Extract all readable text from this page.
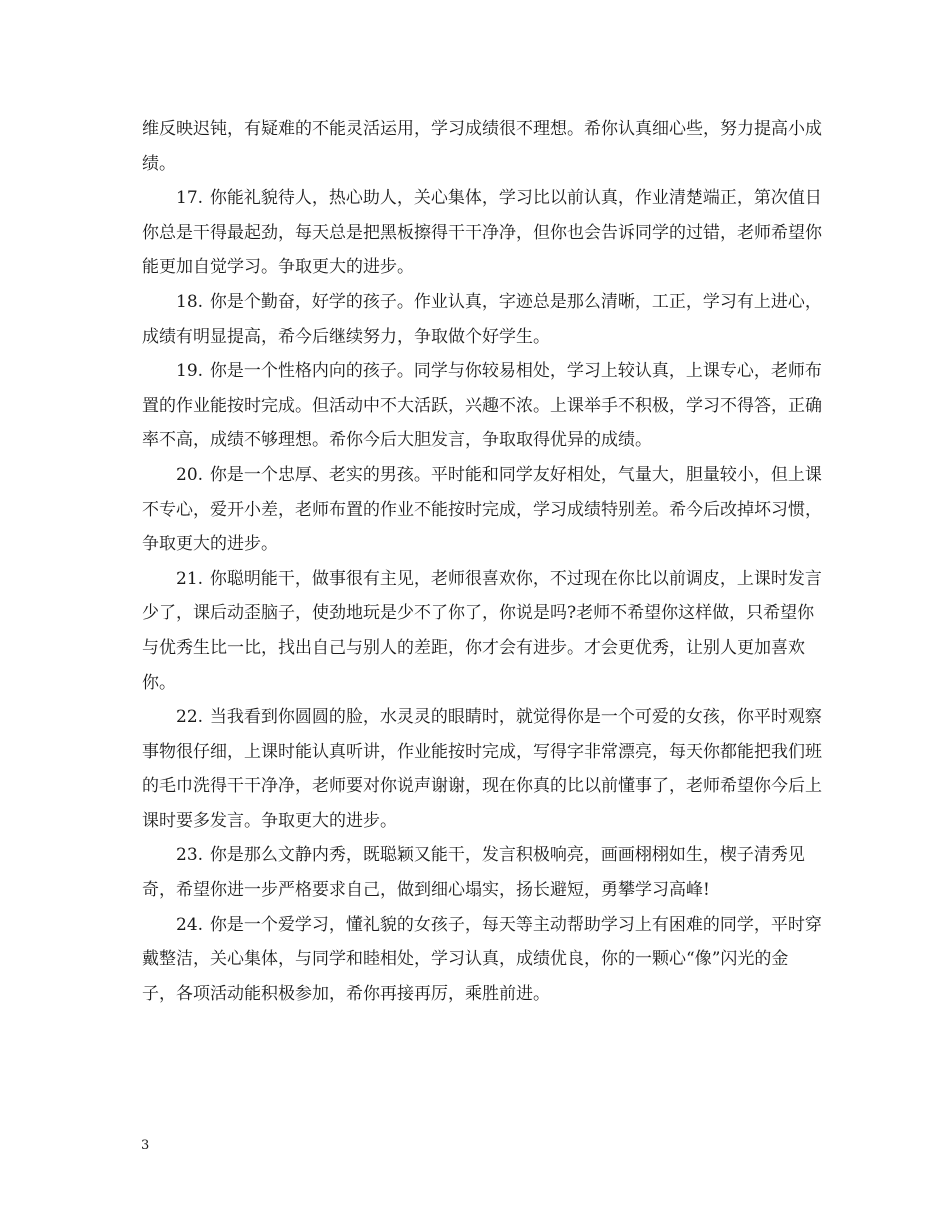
维反映迟钝，有疑难的不能灵活运用，学习成绩很不理想。希你认真细心些，努力提高小成绩。

17. 你能礼貌待人，热心助人，关心集体，学习比以前认真，作业清楚端正，第次值日你总是干得最起劲，每天总是把黑板擦得干干净净，但你也会告诉同学的过错，老师希望你能更加自觉学习。争取更大的进步。

18. 你是个勤奋，好学的孩子。作业认真，字迹总是那么清晰，工正，学习有上进心，成绩有明显提高，希今后继续努力，争取做个好学生。

19. 你是一个性格内向的孩子。同学与你较易相处，学习上较认真，上课专心，老师布置的作业能按时完成。但活动中不大活跃，兴趣不浓。上课举手不积极，学习不得答，正确率不高，成绩不够理想。希你今后大胆发言，争取取得优异的成绩。

20. 你是一个忠厚、老实的男孩。平时能和同学友好相处，气量大，胆量较小，但上课不专心，爱开小差，老师布置的作业不能按时完成，学习成绩特别差。希今后改掉坏习惯，争取更大的进步。

21. 你聪明能干，做事很有主见，老师很喜欢你，不过现在你比以前调皮，上课时发言少了，课后动歪脑子，使劲地玩是少不了你了，你说是吗?老师不希望你这样做，只希望你与优秀生比一比，找出自己与别人的差距，你才会有进步。才会更优秀，让别人更加喜欢你。

22. 当我看到你圆圆的脸，水灵灵的眼睛时，就觉得你是一个可爱的女孩，你平时观察事物很仔细，上课时能认真听讲，作业能按时完成，写得字非常漂亮，每天你都能把我们班的毛巾洗得干干净净，老师要对你说声谢谢，现在你真的比以前懂事了，老师希望你今后上课时要多发言。争取更大的进步。

23. 你是那么文静内秀，既聪颖又能干，发言积极响亮，画画栩栩如生，楔子清秀见奇，希望你进一步严格要求自己，做到细心塌实，扬长避短，勇攀学习高峰!

24. 你是一个爱学习，懂礼貌的女孩子，每天等主动帮助学习上有困难的同学，平时穿戴整洁，关心集体，与同学和睦相处，学习认真，成绩优良，你的一颗心“像”闪光的金子，各项活动能积极参加，希你再接再厉，乘胜前进。

3
